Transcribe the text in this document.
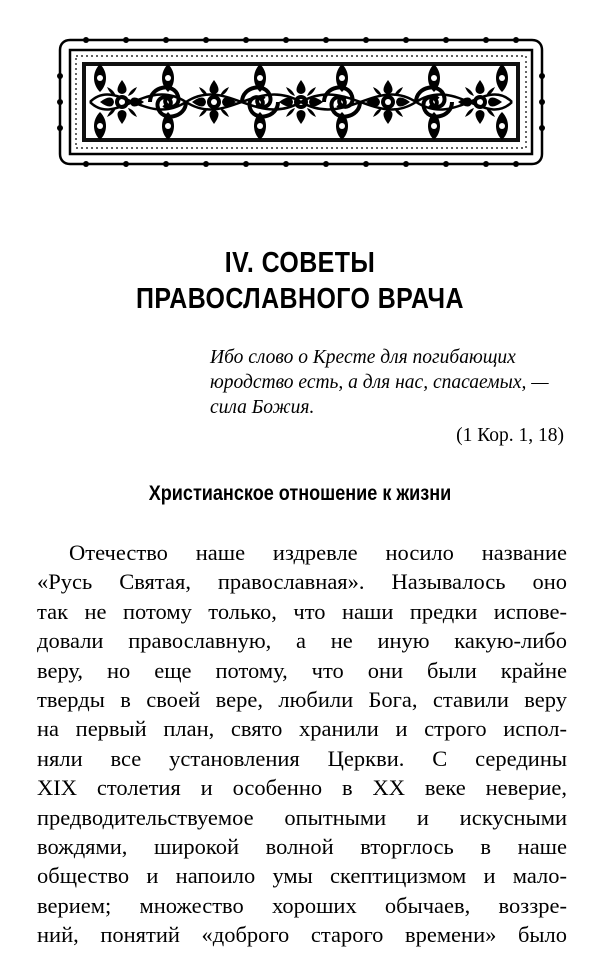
IV. СОВЕТЫ
ПРАВОСЛАВНОГО ВРАЧА

Ибо слово о Кресте для погибающих
юродство есть, а для нас, спасаемых, —
сила Божия.

(1 Кор. 1, 18)

Христианское отношение к жизни
Отечество наше издревле носило название
«Русь Святая, православная». Называлось оно
так не потому только, что наши предки испове-
довали православную, а не иную какую-либо
веру, но еще потому, что они были крайне
тверды в своей вере, любили Бога, ставили веру
на первый план, свято хранили и строго испол-
няли все установления Церкви. С середины
XIX столетия и особенно в XX веке неверие,
предводительствуемое опытными и искусными
вождями, широкой волной вторглось в наше
общество и напоило умы скептицизмом и мало-
верием; множество хороших обычаев, воззре-
ний, понятий «доброго старого времени» было
